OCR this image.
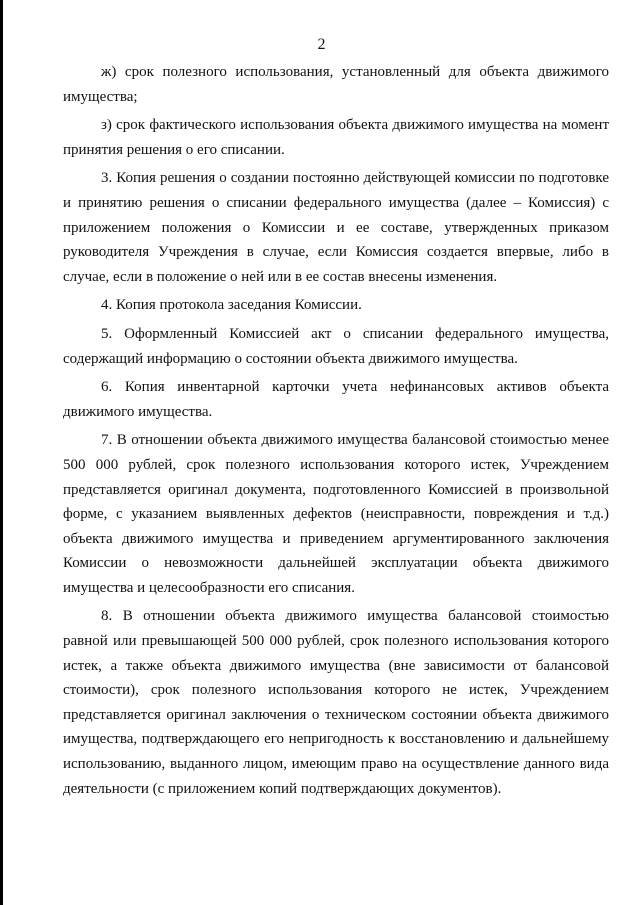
2

ж) срок полезного использования, установленный для объекта движимого имущества;

з) срок фактического использования объекта движимого имущества на момент принятия решения о его списании.

3. Копия решения о создании постоянно действующей комиссии по подготовке и принятию решения о списании федерального имущества (далее – Комиссия) с приложением положения о Комиссии и ее составе, утвержденных приказом руководителя Учреждения в случае, если Комиссия создается впервые, либо в случае, если в положение о ней или в ее состав внесены изменения.

4. Копия протокола заседания Комиссии.

5. Оформленный Комиссией акт о списании федерального имущества, содержащий информацию о состоянии объекта движимого имущества.

6. Копия инвентарной карточки учета нефинансовых активов объекта движимого имущества.

7. В отношении объекта движимого имущества балансовой стоимостью менее 500 000 рублей, срок полезного использования которого истек, Учреждением представляется оригинал документа, подготовленного Комиссией в произвольной форме, с указанием выявленных дефектов (неисправности, повреждения и т.д.) объекта движимого имущества и приведением аргументированного заключения Комиссии о невозможности дальнейшей эксплуатации объекта движимого имущества и целесообразности его списания.

8. В отношении объекта движимого имущества балансовой стоимостью равной или превышающей 500 000 рублей, срок полезного использования которого истек, а также объекта движимого имущества (вне зависимости от балансовой стоимости), срок полезного использования которого не истек, Учреждением представляется оригинал заключения о техническом состоянии объекта движимого имущества, подтверждающего его непригодность к восстановлению и дальнейшему использованию, выданного лицом, имеющим право на осуществление данного вида деятельности (с приложением копий подтверждающих документов).
